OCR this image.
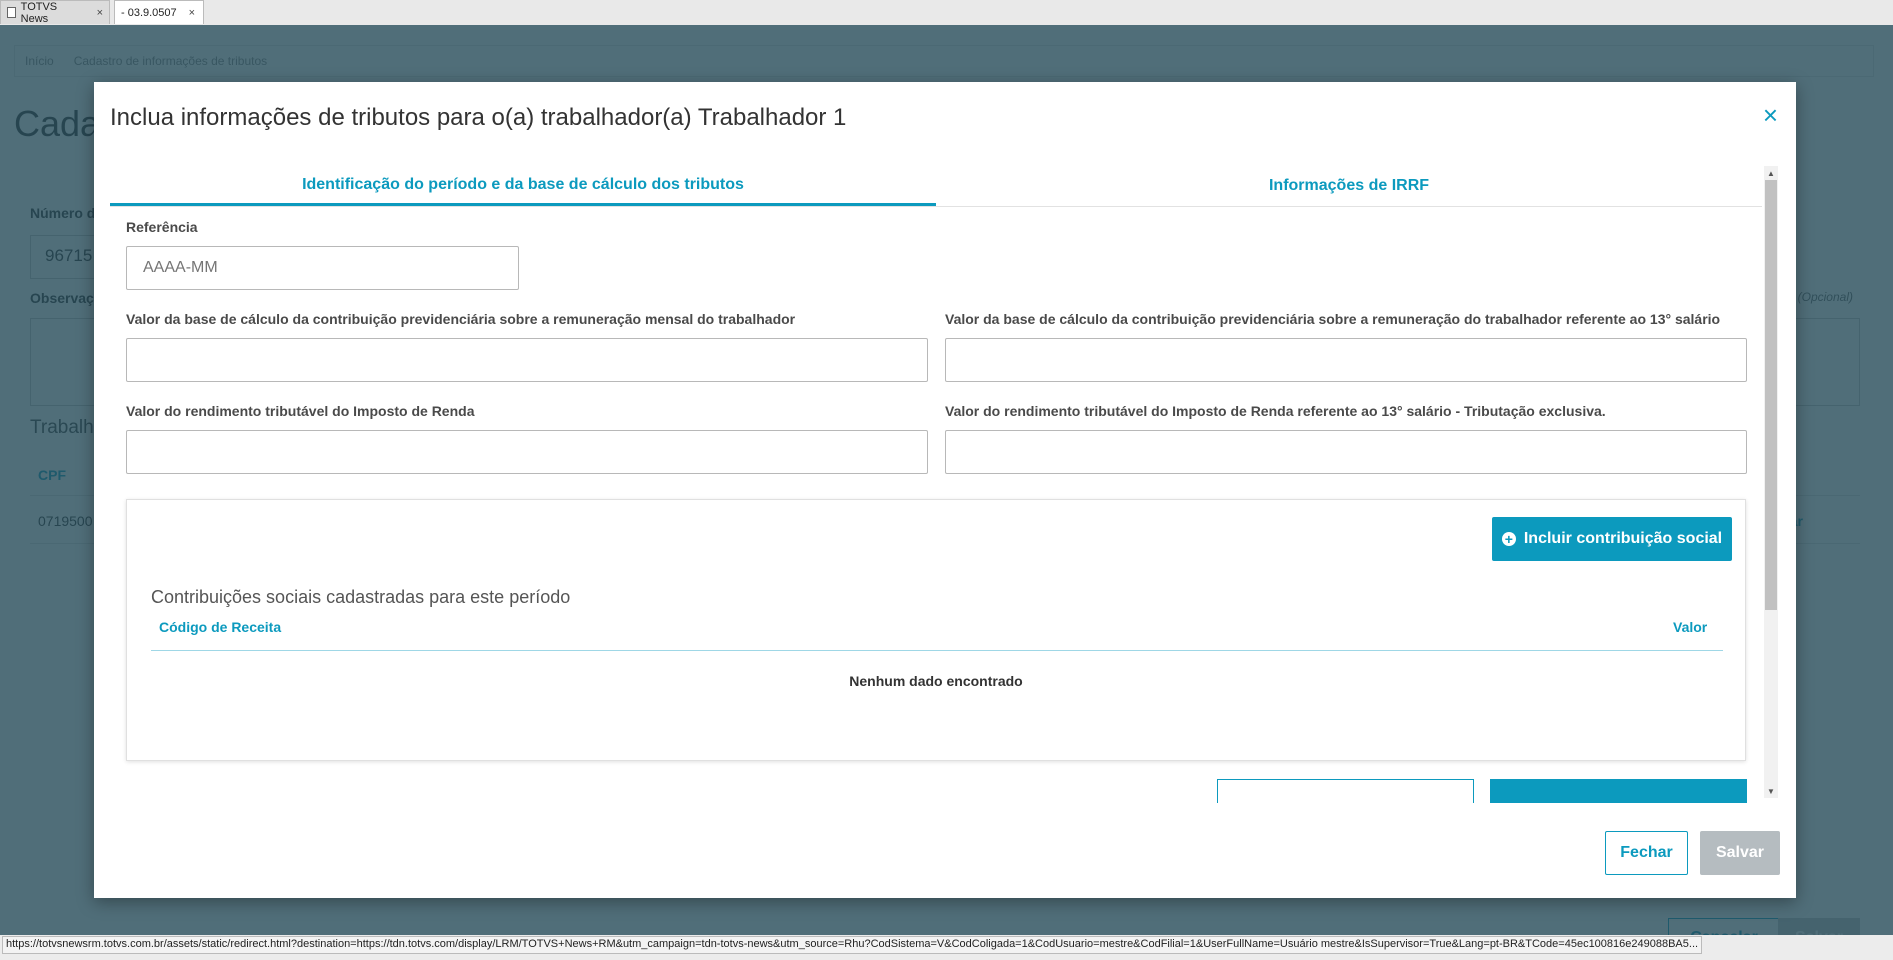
TOTVS News	× - 03.9.0507 ×
Inclua informações de tributos para o(a) trabalhador(a) Trabalhador 1	×
Identificação do período e da base de cálculo dos tributos	Informações de IRRF
Referência
AAAA-MM
Valor da base de cálculo da contribuição previdenciária sobre a remuneração mensal do trabalhador	Valor da base de cálculo da contribuição previdenciária sobre a remuneração do trabalhador referente ao 13° salário
Valor do rendimento tributável do Imposto de Renda	Valor do rendimento tributável do Imposto de Renda referente ao 13° salário - Tributação exclusiva.
+ Incluir contribuição social
Contribuições sociais cadastradas para este período
Código de Receita	Valor
Nenhum dado encontrado
▲
▼
Fechar	Salvar
https://totvsnewsrm.totvs.com.br/assets/static/redirect.html?destination=https://tdn.totvs.com/display/LRM/TOTVS+News+RM&utm_campaign=tdn-totvs-news&utm_source=Rhu?CodSistema=V&CodColigada=1&CodUsuario=mestre&CodFilial=1&UserFullName=Usuário mestre&IsSupervisor=True&Lang=pt-BR&TCode=45ec100816e249088BA5...
